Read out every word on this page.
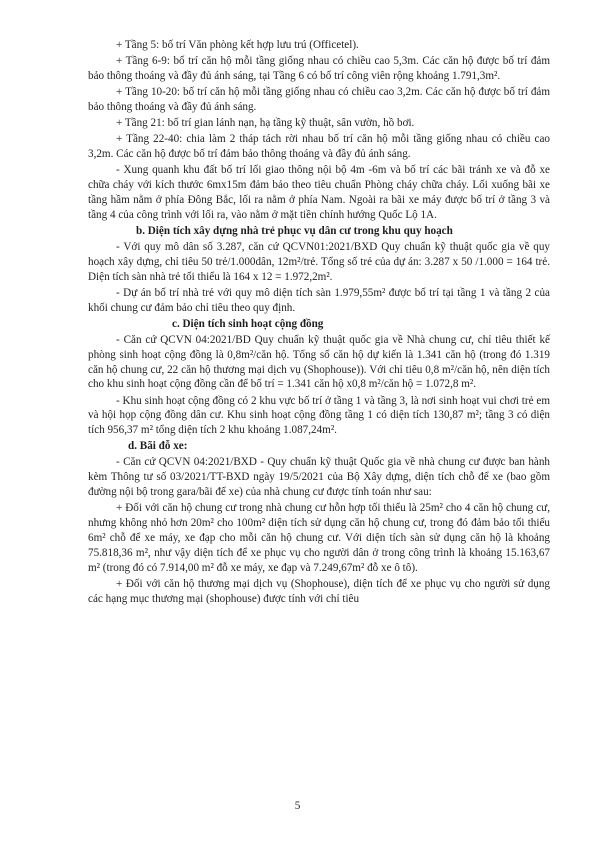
+ Tầng 5: bố trí Văn phòng kết hợp lưu trú (Officetel).

+ Tầng 6-9: bố trí căn hộ mỗi tầng giống nhau có chiều cao 5,3m. Các căn hộ được bố trí đảm bảo thông thoáng và đầy đủ ánh sáng, tại Tầng 6 có bố trí công viên rộng khoảng 1.791,3m².

+ Tầng 10-20: bố trí căn hộ mỗi tầng giống nhau có chiều cao 3,2m. Các căn hộ được bố trí đảm bảo thông thoáng và đầy đủ ánh sáng.

+ Tầng 21: bố trí gian lánh nạn, hạ tầng kỹ thuật, sân vườn, hồ bơi.

+ Tầng 22-40: chia làm 2 tháp tách rời nhau bố trí căn hộ mỗi tầng giống nhau có chiều cao 3,2m. Các căn hộ được bố trí đảm bảo thông thoáng và đầy đủ ánh sáng.

- Xung quanh khu đất bố trí lối giao thông nội bộ 4m -6m và bố trí các bãi tránh xe và đỗ xe chữa cháy với kích thước 6mx15m đảm bảo theo tiêu chuẩn Phòng cháy chữa cháy. Lối xuống bãi xe tầng hầm nằm ở phía Đông Bắc, lối ra nằm ở phía Nam. Ngoài ra bãi xe máy được bố trí ở tầng 3 và tầng 4 của công trình với lối ra, vào nằm ở mặt tiền chính hướng Quốc Lộ 1A.

b. Diện tích xây dựng nhà trẻ phục vụ dân cư trong khu quy hoạch

- Với quy mô dân số 3.287, căn cứ QCVN01:2021/BXD Quy chuẩn kỹ thuật quốc gia về quy hoạch xây dựng, chỉ tiêu 50 trẻ/1.000dân, 12m²/trẻ. Tổng số trẻ của dự án: 3.287 x 50 /1.000 = 164 trẻ. Diện tích sàn nhà trẻ tối thiểu là 164 x 12 = 1.972,2m².

- Dự án bố trí nhà trẻ với quy mô diện tích sàn 1.979,55m² được bố trí tại tầng 1 và tầng 2 của khối chung cư đảm bảo chỉ tiêu theo quy định.

c. Diện tích sinh hoạt cộng đồng

- Căn cứ QCVN 04:2021/BD Quy chuẩn kỹ thuật quốc gia về Nhà chung cư, chỉ tiêu thiết kế phòng sinh hoạt cộng đồng là 0,8m²/căn hộ. Tổng số căn hộ dự kiến là 1.341 căn hộ (trong đó 1.319 căn hộ chung cư, 22 căn hộ thương mại dịch vụ (Shophouse)). Với chỉ tiêu 0,8 m²/căn hộ, nên diện tích cho khu sinh hoạt cộng đồng cần để bố trí = 1.341 căn hộ x0,8 m²/căn hộ = 1.072,8 m².

- Khu sinh hoạt cộng đồng có 2 khu vực bố trí ở tầng 1 và tầng 3, là nơi sinh hoạt vui chơi trẻ em và hội họp cộng đồng dân cư. Khu sinh hoạt cộng đồng tầng 1 có diện tích 130,87 m²; tầng 3 có diện tích 956,37 m² tổng diện tích 2 khu khoảng 1.087,24m².

d. Bãi đỗ xe:

- Căn cứ QCVN 04:2021/BXD - Quy chuẩn kỹ thuật Quốc gia về nhà chung cư được ban hành kèm Thông tư số 03/2021/TT-BXD ngày 19/5/2021 của Bộ Xây dựng, diện tích chỗ để xe (bao gồm đường nội bộ trong gara/bãi để xe) của nhà chung cư được tính toán như sau:

+ Đối với căn hộ chung cư trong nhà chung cư hỗn hợp tối thiểu là 25m² cho 4 căn hộ chung cư, nhưng không nhỏ hơn 20m² cho 100m² diện tích sử dụng căn hộ chung cư, trong đó đảm bảo tối thiểu 6m² chỗ để xe máy, xe đạp cho mỗi căn hộ chung cư. Với diện tích sàn sử dụng căn hộ là khoảng 75.818,36 m², như vậy diện tích để xe phục vụ cho người dân ở trong công trình là khoảng 15.163,67 m² (trong đó có 7.914,00 m² đỗ xe máy, xe đạp và 7.249,67m² đỗ xe ô tô).

+ Đối với căn hộ thương mại dịch vụ (Shophouse), diện tích để xe phục vụ cho người sử dụng các hạng mục thương mại (shophouse) được tính với chỉ tiêu

5
